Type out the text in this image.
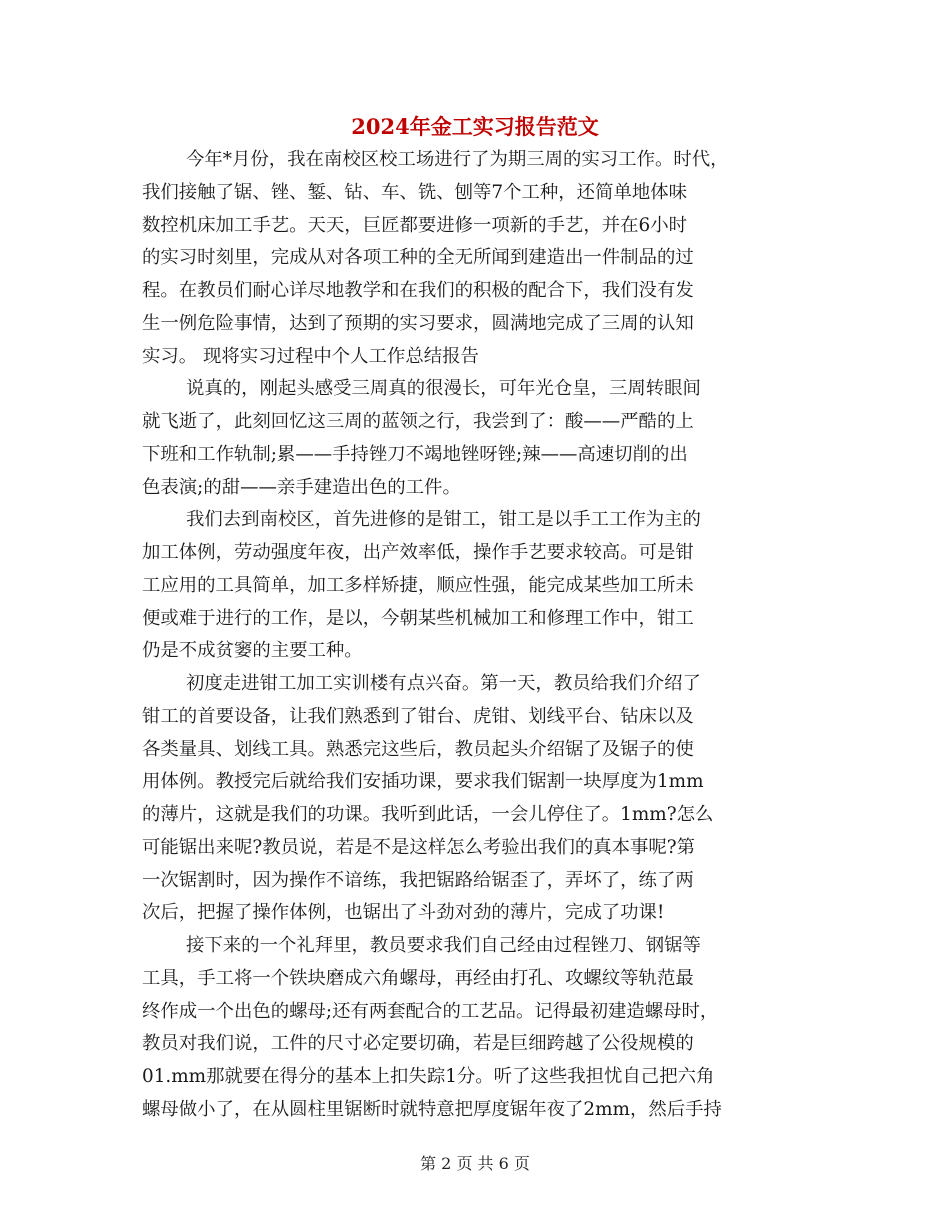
2024年金工实习报告范文
今年*月份，我在南校区校工场进行了为期三周的实习工作。时代，
我们接触了锯、锉、錾、钻、车、铣、刨等7个工种，还简单地体味
数控机床加工手艺。天天，巨匠都要进修一项新的手艺，并在6小时
的实习时刻里，完成从对各项工种的全无所闻到建造出一件制品的过
程。在教员们耐心详尽地教学和在我们的积极的配合下，我们没有发
生一例危险事情，达到了预期的实习要求，圆满地完成了三周的认知
实习。 现将实习过程中个人工作总结报告
说真的，刚起头感受三周真的很漫长，可年光仓皇，三周转眼间
就飞逝了，此刻回忆这三周的蓝领之行，我尝到了：酸——严酷的上
下班和工作轨制;累——手持锉刀不竭地锉呀锉;辣——高速切削的出
色表演;的甜——亲手建造出色的工件。
我们去到南校区，首先进修的是钳工，钳工是以手工工作为主的
加工体例，劳动强度年夜，出产效率低，操作手艺要求较高。可是钳
工应用的工具简单，加工多样矫捷，顺应性强，能完成某些加工所未
便或难于进行的工作，是以，今朝某些机械加工和修理工作中，钳工
仍是不成贫窭的主要工种。
初度走进钳工加工实训楼有点兴奋。第一天，教员给我们介绍了
钳工的首要设备，让我们熟悉到了钳台、虎钳、划线平台、钻床以及
各类量具、划线工具。熟悉完这些后，教员起头介绍锯了及锯子的使
用体例。教授完后就给我们安插功课，要求我们锯割一块厚度为1mm
的薄片，这就是我们的功课。我听到此话，一会儿停住了。1mm?怎么
可能锯出来呢?教员说，若是不是这样怎么考验出我们的真本事呢?第
一次锯割时，因为操作不谙练，我把锯路给锯歪了，弄坏了，练了两
次后，把握了操作体例，也锯出了斗劲对劲的薄片，完成了功课!
接下来的一个礼拜里，教员要求我们自己经由过程锉刀、钢锯等
工具，手工将一个铁块磨成六角螺母，再经由打孔、攻螺纹等轨范最
终作成一个出色的螺母;还有两套配合的工艺品。记得最初建造螺母时，
教员对我们说，工件的尺寸必定要切确，若是巨细跨越了公役规模的
01.mm那就要在得分的基本上扣失踪1分。听了这些我担忧自己把六角
螺母做小了，在从圆柱里锯断时就特意把厚度锯年夜了2mm，然后手持
第 2 页 共 6 页
